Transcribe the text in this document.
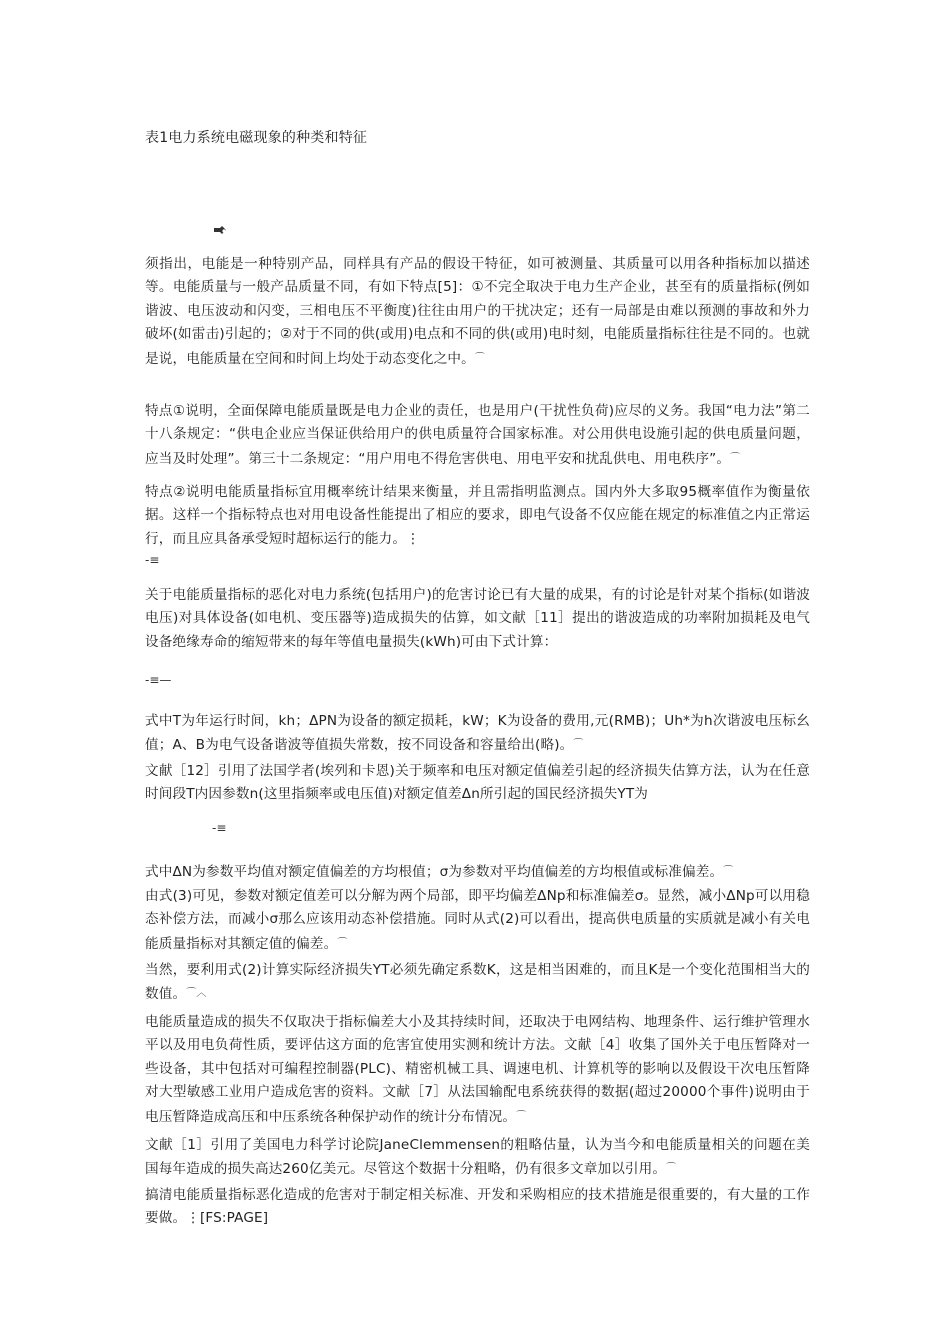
表1电力系统电磁现象的种类和特征

须指出，电能是一种特别产品，同样具有产品的假设干特征，如可被测量、其质量可以用各种指标加以描述等。电能质量与一般产品质量不同，有如下特点[5]：①不完全取决于电力生产企业，甚至有的质量指标(例如谐波、电压波动和闪变，三相电压不平衡度)往往由用户的干扰决定；还有一局部是由难以预测的事故和外力破坏(如雷击)引起的；②对于不同的供(或用)电点和不同的供(或用)电时刻，电能质量指标往往是不同的。也就是说，电能质量在空间和时间上均处于动态变化之中。⌒

特点①说明，全面保障电能质量既是电力企业的责任，也是用户(干扰性负荷)应尽的义务。我国“电力法”第二十八条规定：“供电企业应当保证供给用户的供电质量符合国家标准。对公用供电设施引起的供电质量问题，应当及时处理”。第三十二条规定：“用户用电不得危害供电、用电平安和扰乱供电、用电秩序”。⌒

特点②说明电能质量指标宜用概率统计结果来衡量，并且需指明监测点。国内外大多取95概率值作为衡量依据。这样一个指标特点也对用电设备性能提出了相应的要求，即电气设备不仅应能在规定的标准值之内正常运行，而且应具备承受短时超标运行的能力。⋮

-≡

关于电能质量指标的恶化对电力系统(包括用户)的危害讨论已有大量的成果，有的讨论是针对某个指标(如谐波电压)对具体设备(如电机、变压器等)造成损失的估算，如文献［11］提出的谐波造成的功率附加损耗及电气设备绝缘寿命的缩短带来的每年等值电量损失(kWh)可由下式计算：

-≡—

式中T为年运行时间，kh；ΔPN为设备的额定损耗，kW；K为设备的费用,元(RMB)；Uh*为h次谐波电压标幺值；A、B为电气设备谐波等值损失常数，按不同设备和容量给出(略)。⌒

文献［12］引用了法国学者(埃列和卡恩)关于频率和电压对额定值偏差引起的经济损失估算方法，认为在任意时间段T内因参数n(这里指频率或电压值)对额定值差Δn所引起的国民经济损失YT为

-≡

式中ΔN为参数平均值对额定值偏差的方均根值；σ为参数对平均值偏差的方均根值或标准偏差。⌒

由式(3)可见，参数对额定值差可以分解为两个局部，即平均偏差ΔNp和标准偏差σ。显然，减小ΔNp可以用稳态补偿方法，而减小σ那么应该用动态补偿措施。同时从式(2)可以看出，提高供电质量的实质就是减小有关电能质量指标对其额定值的偏差。⌒

当然，要利用式(2)计算实际经济损失YT必须先确定系数K，这是相当困难的，而且K是一个变化范围相当大的数值。⌒︿

电能质量造成的损失不仅取决于指标偏差大小及其持续时间，还取决于电网结构、地理条件、运行维护管理水平以及用电负荷性质，要评估这方面的危害宜使用实测和统计方法。文献［4］收集了国外关于电压暂降对一些设备，其中包括对可编程控制器(PLC)、精密机械工具、调速电机、计算机等的影响以及假设干次电压暂降对大型敏感工业用户造成危害的资料。文献［7］从法国输配电系统获得的数据(超过20000个事件)说明由于电压暂降造成高压和中压系统各种保护动作的统计分布情况。⌒

文献［1］引用了美国电力科学讨论院JaneClemmensen的粗略估量，认为当今和电能质量相关的问题在美国每年造成的损失高达260亿美元。尽管这个数据十分粗略，仍有很多文章加以引用。⌒

搞清电能质量指标恶化造成的危害对于制定相关标准、开发和采购相应的技术措施是很重要的，有大量的工作要做。⋮[FS:PAGE]
